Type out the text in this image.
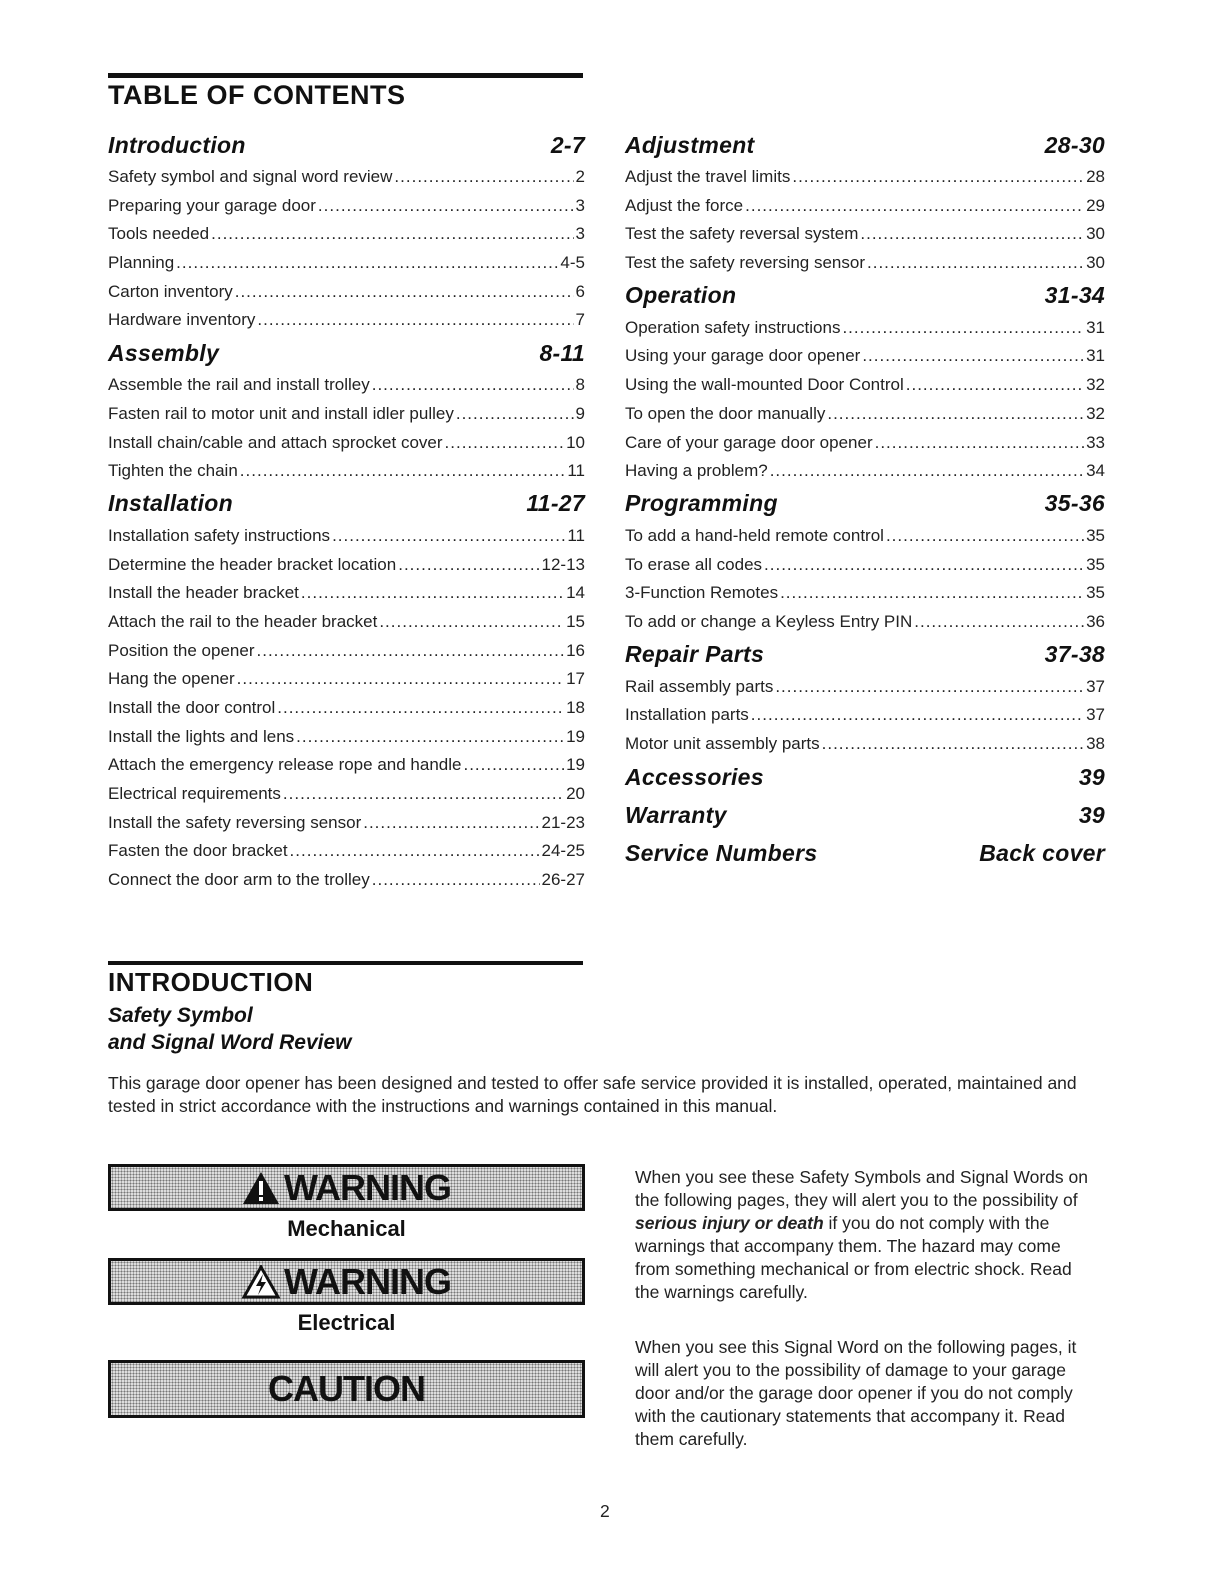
TABLE OF CONTENTS
Introduction	2-7
Safety symbol and signal word review .....	2
Preparing your garage door .....	3
Tools needed .....	3
Planning .....	4-5
Carton inventory .....	6
Hardware inventory .....	7
Assembly	8-11
Assemble the rail and install trolley .....	8
Fasten rail to motor unit and install idler pulley .....	9
Install chain/cable and attach sprocket cover .....	10
Tighten the chain .....	11
Installation	11-27
Installation safety instructions .....	11
Determine the header bracket location .....	12-13
Install the header bracket .....	14
Attach the rail to the header bracket .....	15
Position the opener .....	16
Hang the opener .....	17
Install the door control .....	18
Install the lights and lens .....	19
Attach the emergency release rope and handle .....	19
Electrical requirements .....	20
Install the safety reversing sensor .....	21-23
Fasten the door bracket .....	24-25
Connect the door arm to the trolley .....	26-27
Adjustment	28-30
Adjust the travel limits .....	28
Adjust the force .....	29
Test the safety reversal system .....	30
Test the safety reversing sensor .....	30
Operation	31-34
Operation safety instructions .....	31
Using your garage door opener .....	31
Using the wall-mounted Door Control .....	32
To open the door manually .....	32
Care of your garage door opener .....	33
Having a problem? .....	34
Programming	35-36
To add a hand-held remote control .....	35
To erase all codes .....	35
3-Function Remotes .....	35
To add or change a Keyless Entry PIN .....	36
Repair Parts	37-38
Rail assembly parts .....	37
Installation parts .....	37
Motor unit assembly parts .....	38
Accessories	39
Warranty	39
Service Numbers	Back cover
INTRODUCTION
Safety Symbol
and Signal Word Review
This garage door opener has been designed and tested to offer safe service provided it is installed, operated, maintained and tested in strict accordance with the instructions and warnings contained in this manual.
WARNING
Mechanical
WARNING
Electrical
CAUTION
When you see these Safety Symbols and Signal Words on the following pages, they will alert you to the possibility of serious injury or death if you do not comply with the warnings that accompany them. The hazard may come from something mechanical or from electric shock. Read the warnings carefully.
When you see this Signal Word on the following pages, it will alert you to the possibility of damage to your garage door and/or the garage door opener if you do not comply with the cautionary statements that accompany it. Read them carefully.
2
